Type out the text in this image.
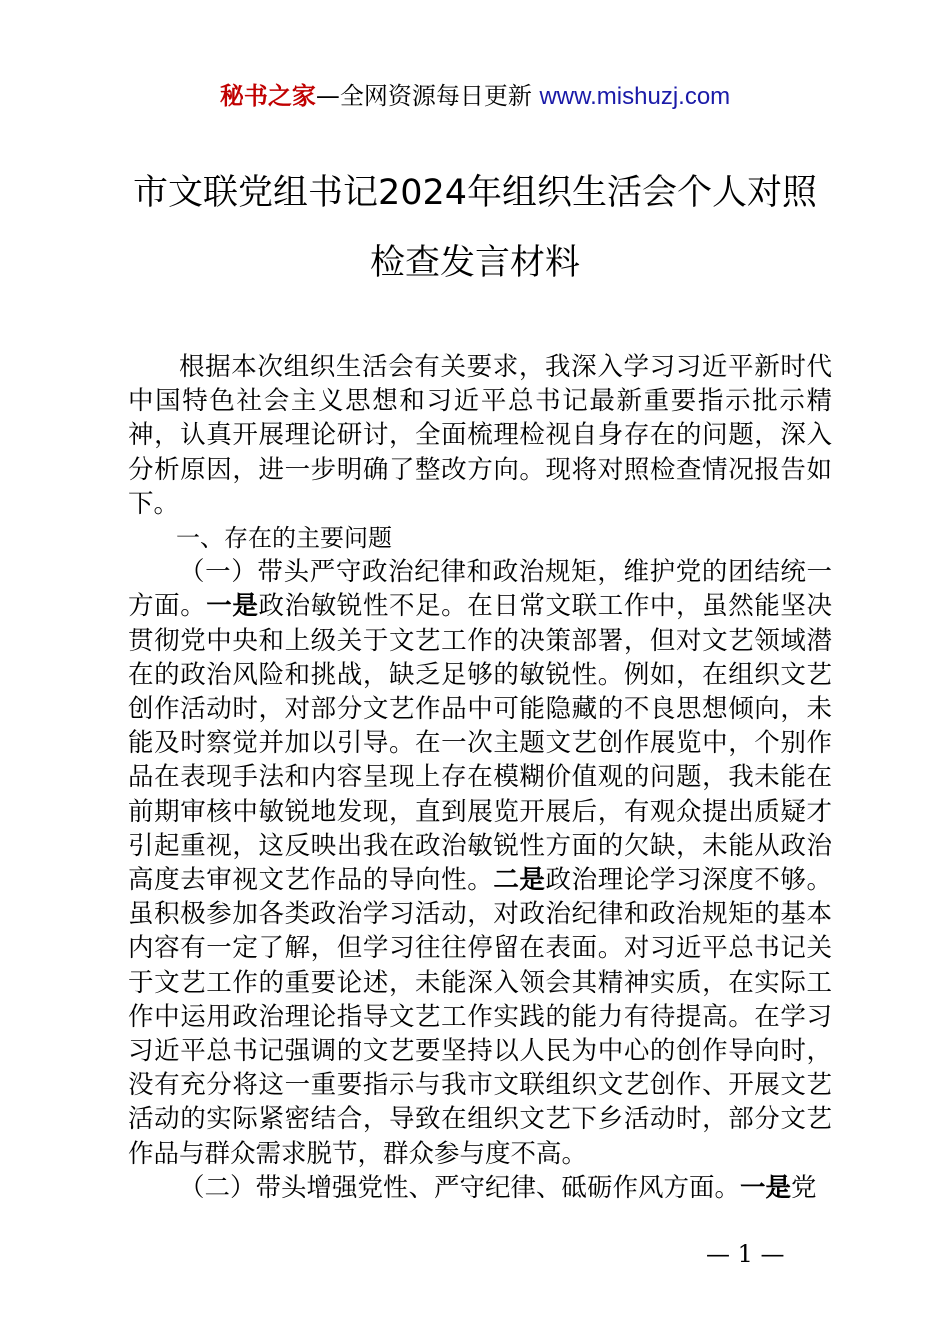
秘书之家—全网资源每日更新 www.mishuzj.com
市文联党组书记2024年组织生活会个人对照
检查发言材料

根据本次组织生活会有关要求，我深入学习习近平新时代中国特色社会主义思想和习近平总书记最新重要指示批示精神，认真开展理论研讨，全面梳理检视自身存在的问题，深入分析原因，进一步明确了整改方向。现将对照检查情况报告如下。

一、存在的主要问题

（一）带头严守政治纪律和政治规矩，维护党的团结统一方面。一是政治敏锐性不足。在日常文联工作中，虽然能坚决贯彻党中央和上级关于文艺工作的决策部署，但对文艺领域潜在的政治风险和挑战，缺乏足够的敏锐性。例如，在组织文艺创作活动时，对部分文艺作品中可能隐藏的不良思想倾向，未能及时察觉并加以引导。在一次主题文艺创作展览中，个别作品在表现手法和内容呈现上存在模糊价值观的问题，我未能在前期审核中敏锐地发现，直到展览开展后，有观众提出质疑才引起重视，这反映出我在政治敏锐性方面的欠缺，未能从政治高度去审视文艺作品的导向性。二是政治理论学习深度不够。虽积极参加各类政治学习活动，对政治纪律和政治规矩的基本内容有一定了解，但学习往往停留在表面。对习近平总书记关于文艺工作的重要论述，未能深入领会其精神实质，在实际工作中运用政治理论指导文艺工作实践的能力有待提高。在学习习近平总书记强调的文艺要坚持以人民为中心的创作导向时，没有充分将这一重要指示与我市文联组织文艺创作、开展文艺活动的实际紧密结合，导致在组织文艺下乡活动时，部分文艺作品与群众需求脱节，群众参与度不高。

（二）带头增强党性、严守纪律、砥砺作风方面。一是党

— 1 —
